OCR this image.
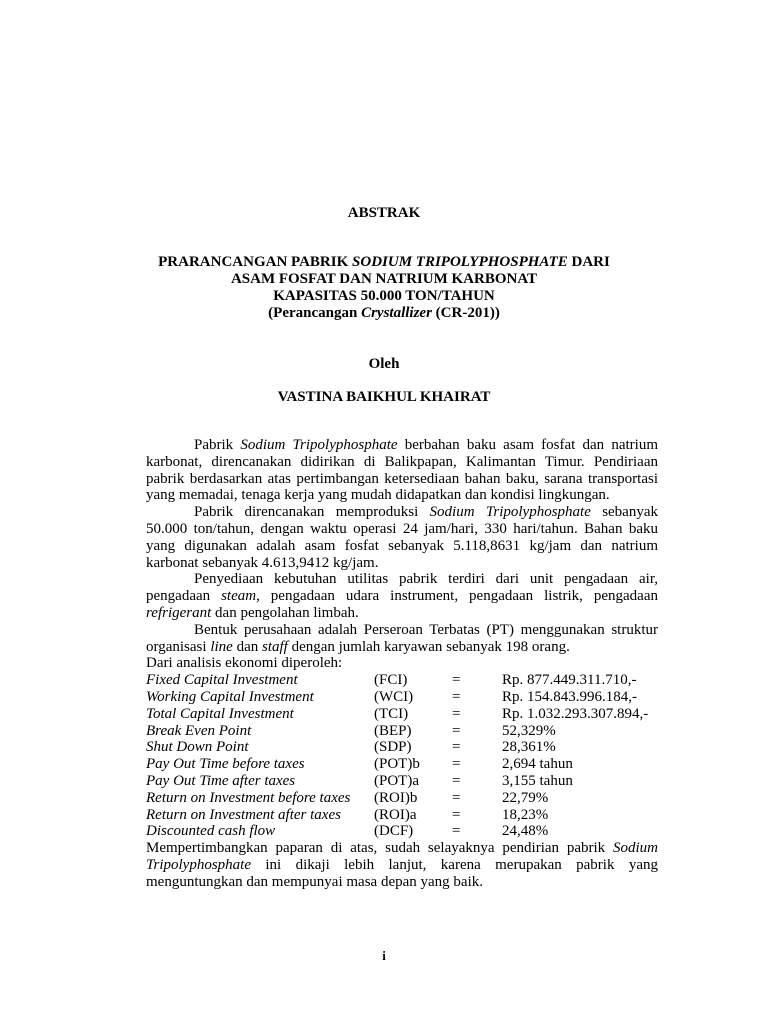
ABSTRAK
PRARANCANGAN PABRIK SODIUM TRIPOLYPHOSPHATE DARI
ASAM FOSFAT DAN NATRIUM KARBONAT
KAPASITAS 50.000 TON/TAHUN
(Perancangan Crystallizer (CR-201))
Oleh
VASTINA BAIKHUL KHAIRAT

Pabrik Sodium Tripolyphosphate berbahan baku asam fosfat dan natrium karbonat, direncanakan didirikan di Balikpapan, Kalimantan Timur. Pendiriaan pabrik berdasarkan atas pertimbangan ketersediaan bahan baku, sarana transportasi yang memadai, tenaga kerja yang mudah didapatkan dan kondisi lingkungan.

Pabrik direncanakan memproduksi Sodium Tripolyphosphate sebanyak 50.000 ton/tahun, dengan waktu operasi 24 jam/hari, 330 hari/tahun. Bahan baku yang digunakan adalah asam fosfat sebanyak 5.118,8631 kg/jam dan natrium karbonat sebanyak 4.613,9412 kg/jam.

Penyediaan kebutuhan utilitas pabrik terdiri dari unit pengadaan air, pengadaan steam, pengadaan udara instrument, pengadaan listrik, pengadaan refrigerant dan pengolahan limbah.

Bentuk perusahaan adalah Perseroan Terbatas (PT) menggunakan struktur organisasi line dan staff dengan jumlah karyawan sebanyak 198 orang.

Dari analisis ekonomi diperoleh:

Fixed Capital Investment	(FCI)	=	Rp. 877.449.311.710,-
Working Capital Investment	(WCI)	=	Rp. 154.843.996.184,-
Total Capital Investment	(TCI)	=	Rp. 1.032.293.307.894,-
Break Even Point	(BEP)	=	52,329%
Shut Down Point	(SDP)	=	28,361%
Pay Out Time before taxes	(POT)b =	2,694 tahun
Pay Out Time after taxes	(POT)a =	3,155 tahun
Return on Investment before taxes (ROI)b =	22,79%
Return on Investment after taxes (ROI)a =	18,23%
Discounted cash flow	(DCF)	=	24,48%

Mempertimbangkan paparan di atas, sudah selayaknya pendirian pabrik Sodium Tripolyphosphate ini dikaji lebih lanjut, karena merupakan pabrik yang menguntungkan dan mempunyai masa depan yang baik.

i
